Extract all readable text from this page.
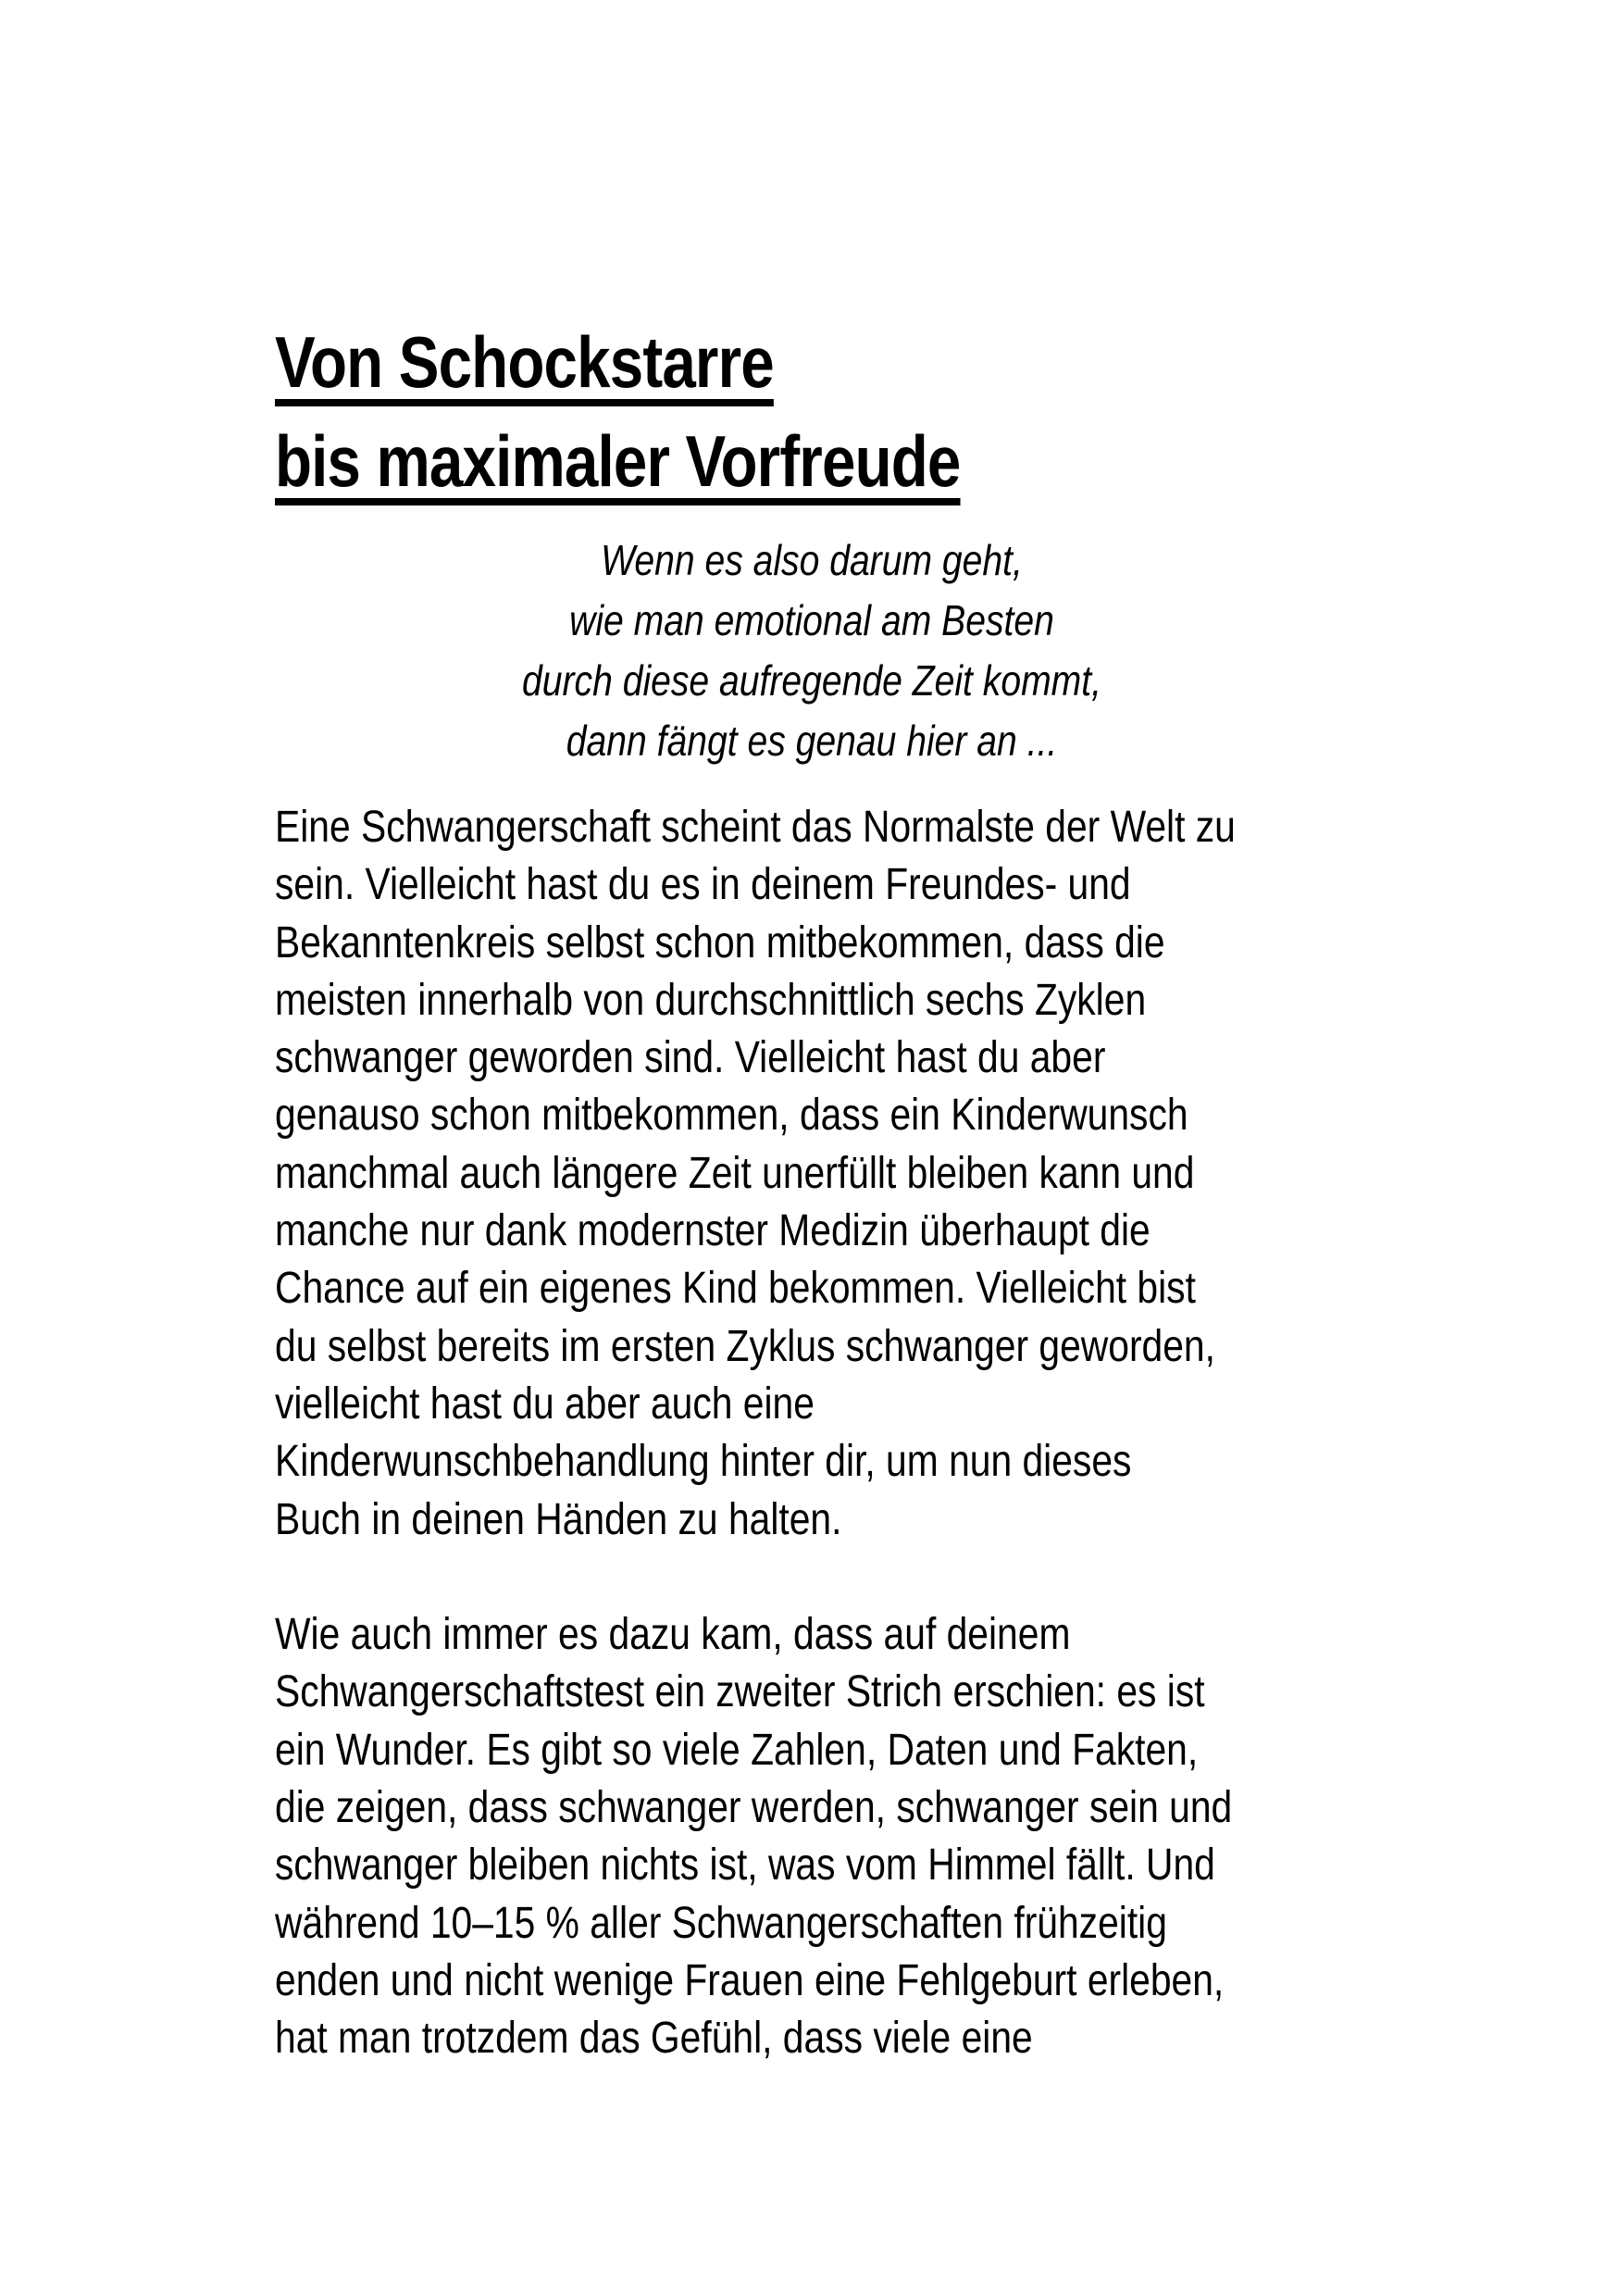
Von Schockstarre
bis maximaler Vorfreude
Wenn es also darum geht,
wie man emotional am Besten
durch diese aufregende Zeit kommt,
dann fängt es genau hier an ...
Eine Schwangerschaft scheint das Normalste der Welt zu
sein. Vielleicht hast du es in deinem Freundes- und
Bekanntenkreis selbst schon mitbekommen, dass die
meisten innerhalb von durchschnittlich sechs Zyklen
schwanger geworden sind. Vielleicht hast du aber
genauso schon mitbekommen, dass ein Kinderwunsch
manchmal auch längere Zeit unerfüllt bleiben kann und
manche nur dank modernster Medizin überhaupt die
Chance auf ein eigenes Kind bekommen. Vielleicht bist
du selbst bereits im ersten Zyklus schwanger geworden,
vielleicht hast du aber auch eine
Kinderwunschbehandlung hinter dir, um nun dieses
Buch in deinen Händen zu halten.
Wie auch immer es dazu kam, dass auf deinem
Schwangerschaftstest ein zweiter Strich erschien: es ist
ein Wunder. Es gibt so viele Zahlen, Daten und Fakten,
die zeigen, dass schwanger werden, schwanger sein und
schwanger bleiben nichts ist, was vom Himmel fällt. Und
während 10–15 % aller Schwangerschaften frühzeitig
enden und nicht wenige Frauen eine Fehlgeburt erleben,
hat man trotzdem das Gefühl, dass viele eine
